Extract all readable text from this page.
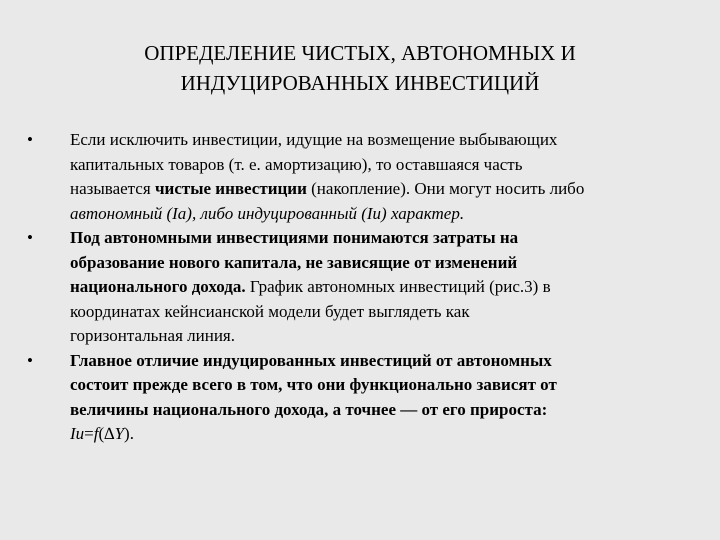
ОПРЕДЕЛЕНИЕ ЧИСТЫХ, АВТОНОМНЫХ И
ИНДУЦИРОВАННЫХ ИНВЕСТИЦИЙ
•	Если исключить инвестиции, идущие на возмещение выбывающих
капитальных товаров (т. е. амортизацию), то оставшаяся часть
называется чистые инвестиции (накопление). Они могут носить либо
автономный (Ia), либо индуцированный (Iu) характер.
•	Под автономными инвестициями понимаются затраты на
образование нового капитала, не зависящие от изменений
национального дохода. График автономных инвестиций (рис.3) в
координатах кейнсианской модели будет выглядеть как
горизонтальная линия.
•	Главное отличие индуцированных инвестиций от автономных
состоит прежде всего в том, что они функционально зависят от
величины национального дохода, а точнее — от его прироста:
Iu=f(∆Y).
